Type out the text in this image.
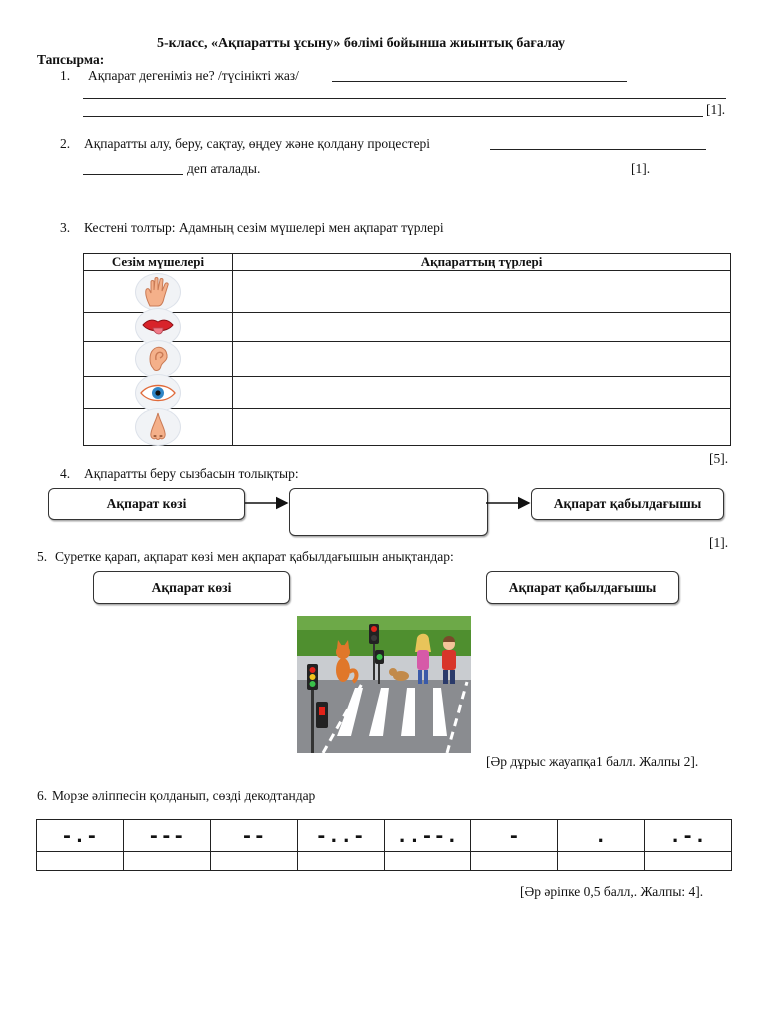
5-класс, «Ақпаратты ұсыну» бөлімі бойынша жиынтық бағалау
Тапсырма:
1. Ақпарат дегеніміз не? /түсінікті жаз/
[1].
2. Ақпаратты алу, беру, сақтау, өңдеу және қолдану процестері
деп аталады.	[1].
3. Кестені толтыр: Адамның сезім мүшелері мен ақпарат түрлері
Сезім мүшелері	Ақпараттың түрлері

[5].
4. Ақпаратты беру сызбасын толықтыр:
Ақпарат көзі	Ақпарат қабылдағышы
[1].
5. Суретке қарап, ақпарат көзі мен ақпарат қабылдағышын анықтандар:
Ақпарат көзі	Ақпарат қабылдағышы
[Әр дұрыс жауапқа1 балл. Жалпы 2].
6. Морзе әліппесін қолданып, сөзді декодтандар
-.-	---	--	-..-	..--.	-	.	.-.

[Әр әріпке 0,5 балл,. Жалпы: 4].
